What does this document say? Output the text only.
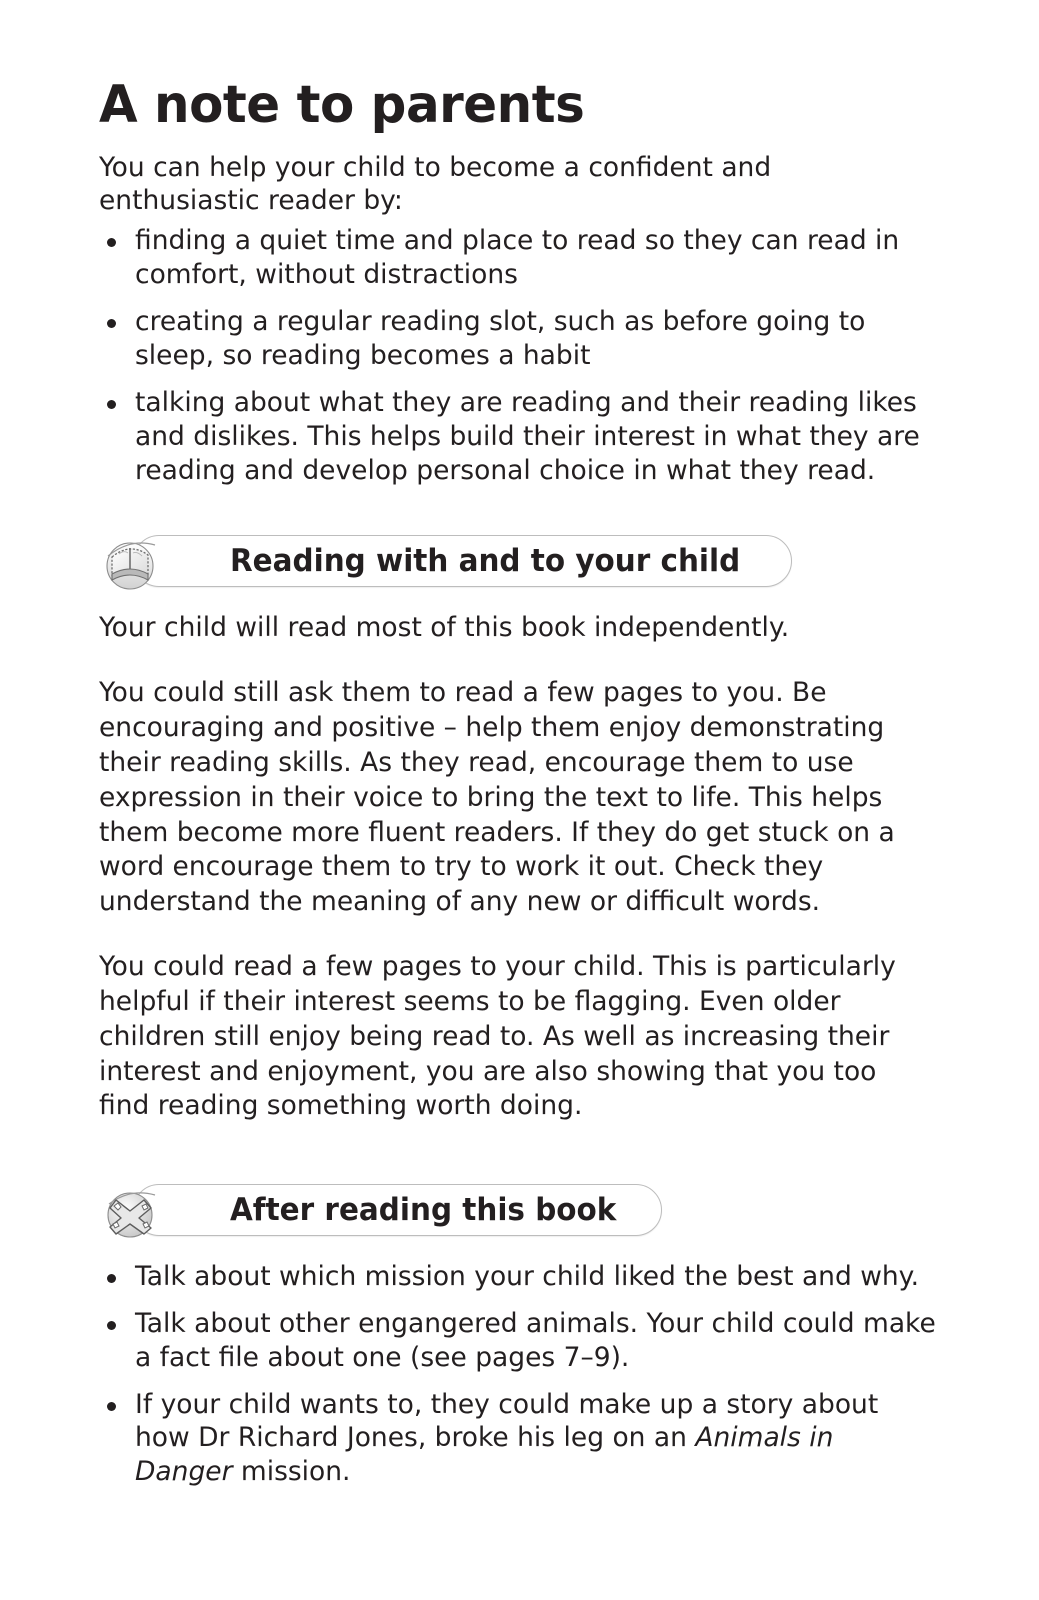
A note to parents

You can help your child to become a confident and enthusiastic reader by:

finding a quiet time and place to read so they can read in comfort, without distractions
creating a regular reading slot, such as before going to sleep, so reading becomes a habit
talking about what they are reading and their reading likes and dislikes. This helps build their interest in what they are reading and develop personal choice in what they read.
Reading with and to your child

Your child will read most of this book independently.

You could still ask them to read a few pages to you. Be encouraging and positive – help them enjoy demonstrating their reading skills. As they read, encourage them to use expression in their voice to bring the text to life. This helps them become more fluent readers. If they do get stuck on a word encourage them to try to work it out. Check they understand the meaning of any new or difficult words.

You could read a few pages to your child. This is particularly helpful if their interest seems to be flagging. Even older children still enjoy being read to. As well as increasing their interest and enjoyment, you are also showing that you too find reading something worth doing.

After reading this book
Talk about which mission your child liked the best and why.
Talk about other engangered animals. Your child could make a fact file about one (see pages 7–9).
If your child wants to, they could make up a story about how Dr Richard Jones, broke his leg on an Animals in Danger mission.
